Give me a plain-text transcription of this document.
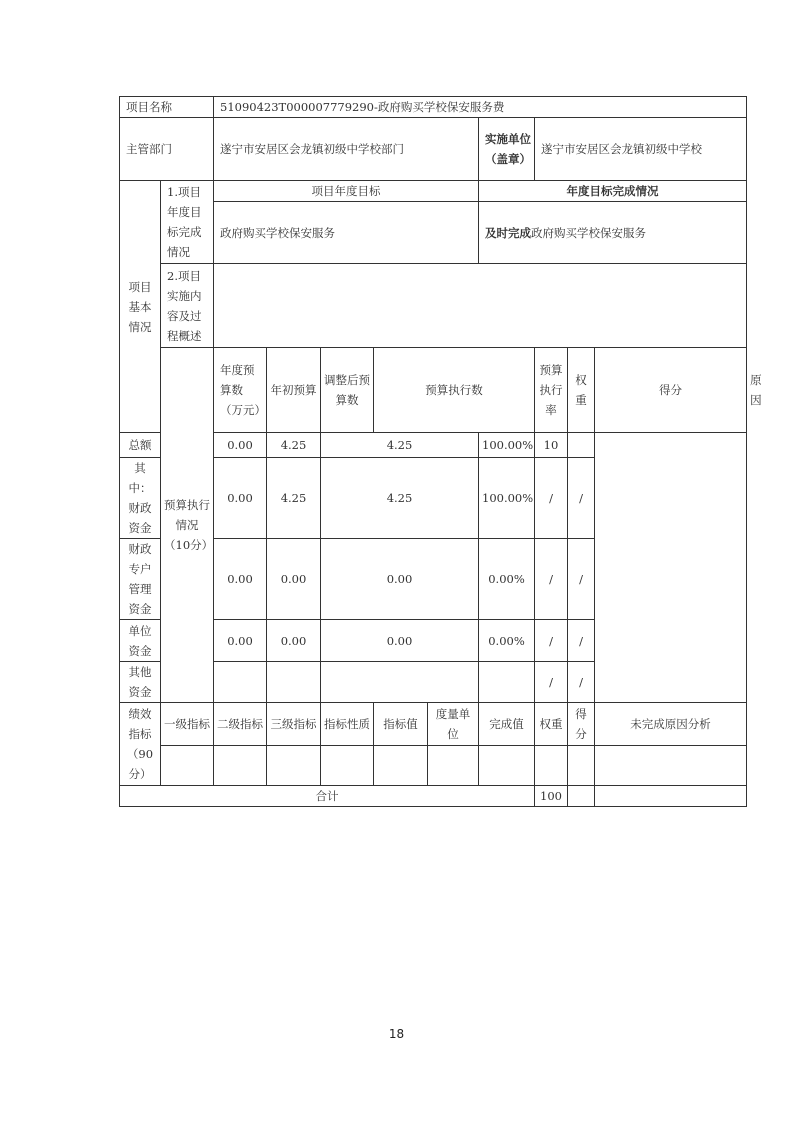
项目名称		51090423T000007779290-政府购买学校保安服务费									
主管部门		遂宁市安居区会龙镇初级中学校部门					实施单位（盖章）	遂宁市安居区会龙镇初级中学校			
项目基本情况	1.项目年度目标完成情况	项目年度目标					年度目标完成情况				
		政府购买学校保安服务					及时完成政府购买学校保安服务				
	2.项目实施内容及过程概述										
	预算执行情况（10分）	年度预算数（万元）	年初预算	调整后预算数	预算执行数			预算执行率	权重	得分	原因
总额		0.00	4.25	4.25			100.00%	10			
其中：财政资金		0.00	4.25	4.25			100.00%	/	/		
财政专户管理资金		0.00	0.00	0.00			0.00%	/	/		
单位资金		0.00	0.00	0.00			0.00%	/	/		
其他资金								/	/		
绩效指标（90分）	一级指标	二级指标	三级指标	指标性质	指标值	度量单位	完成值	权重	得分	未完成原因分析	

合计								100			
18
